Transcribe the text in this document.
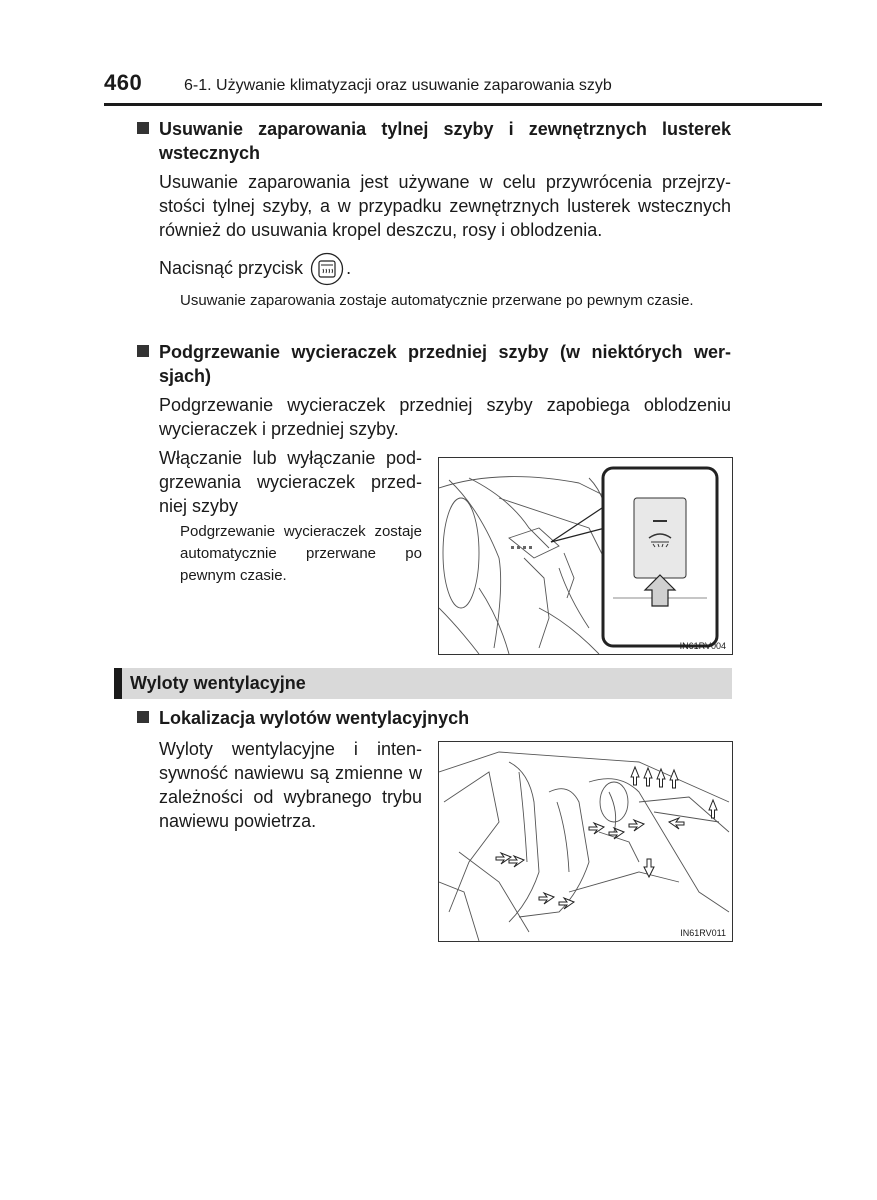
460	6-1. Używanie klimatyzacji oraz usuwanie zaparowania szyb
Usuwanie zaparowania tylnej szyby i zewnętrznych lusterek wstecznych
Usuwanie zaparowania jest używane w celu przywrócenia przejrzystości tylnej szyby, a w przypadku zewnętrznych lusterek wstecznych również do usuwania kropel deszczu, rosy i oblodzenia.
Nacisnąć przycisk .
Usuwanie zaparowania zostaje automatycznie przerwane po pewnym czasie.
Podgrzewanie wycieraczek przedniej szyby (w niektórych wersjach)
Podgrzewanie wycieraczek przedniej szyby zapobiega oblodzeniu wycieraczek i przedniej szyby.
Włączanie lub wyłączanie podgrzewania wycieraczek przedniej szyby
Podgrzewanie wycieraczek zostaje automatycznie przerwane po pewnym czasie.
IN61RV004
Wyloty wentylacyjne
Lokalizacja wylotów wentylacyjnych
Wyloty wentylacyjne i intensywność nawiewu są zmienne w zależności od wybranego trybu nawiewu powietrza.
IN61RV011
